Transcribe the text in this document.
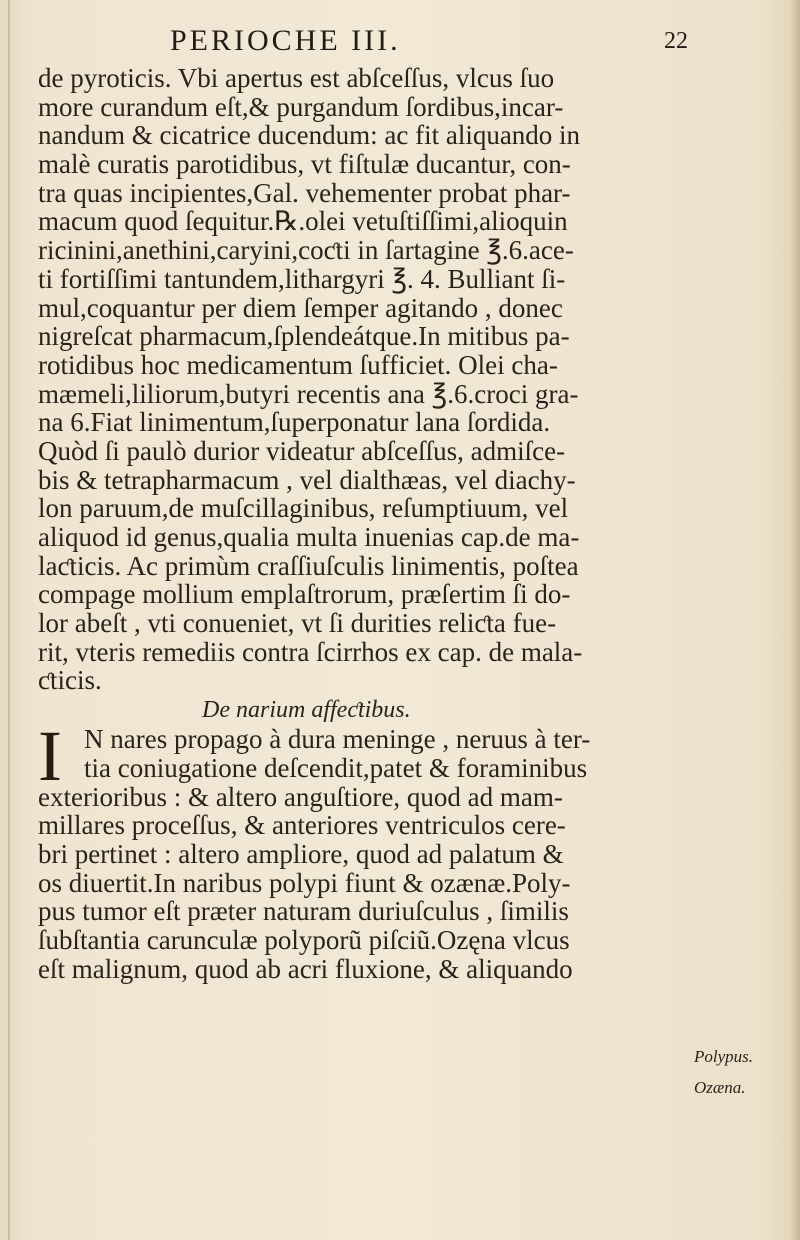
PERIOCHE III.	22
de pyroticis. Vbi apertus est abſceſſus, vlcus ſuo
more curandum eſt,& purgandum ſordibus,incar-
nandum & cicatrice ducendum: ac fit aliquando in
malè curatis parotidibus, vt fiſtulæ ducantur, con-
tra quas incipientes,Gal. vehementer probat phar-
macum quod ſequitur.℞.olei vetuſtiſſimi,alioquin
ricinini,anethini,caryini,coƈti in ſartagine ℥.6.ace-
ti fortiſſimi tantundem,lithargyri ℥. 4. Bulliant ſi-
mul,coquantur per diem ſemper agitando , donec
nigreſcat pharmacum,ſplendeátque.In mitibus pa-
rotidibus hoc medicamentum ſufficiet. Olei cha-
mæmeli,liliorum,butyri recentis ana ℥.6.croci gra-
na 6.Fiat linimentum,ſuperponatur lana ſordida.
Quòd ſi paulò durior videatur abſceſſus, admiſce-
bis & tetrapharmacum , vel dialthæas, vel diachy-
lon paruum,de muſcillaginibus, reſumptiuum, vel
aliquod id genus,qualia multa inuenias cap.de ma-
laƈticis. Ac primùm craſſiuſculis linimentis, poſtea
compage mollium emplaſtrorum, præſertim ſi do-
lor abeſt , vti conueniet, vt ſi durities reliƈta fue-
rit, vteris remediis contra ſcirrhos ex cap. de mala-
ƈticis.
De narium affeƈtibus.
I N nares propago à dura meninge , neruus à ter-
tia coniugatione deſcendit,patet & foraminibus
exterioribus : & altero anguſtiore, quod ad mam-
millares proceſſus, & anteriores ventriculos cere-
bri pertinet : altero ampliore, quod ad palatum &
os diuertit.In naribus polypi fiunt & ozænæ.Poly-
pus tumor eſt præter naturam duriuſculus , ſimilis
ſubſtantia carunculæ polyporũ piſciũ.Ozęna vlcus
eſt malignum, quod ab acri fluxione, & aliquando
Polypus.
Ozæna.
